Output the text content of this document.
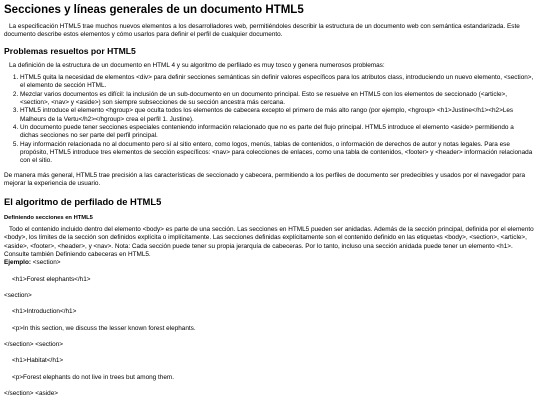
Secciones y líneas generales de un documento HTML5

La especificación HTML5 trae muchos nuevos elementos a los desarrolladores web, permitiéndoles describir la estructura de un documento web con semántica estandarizada. Este documento describe estos elementos y cómo usarlos para definir el perfil de cualquier documento.

Problemas resueltos por HTML5

La definición de la estructura de un documento en HTML 4 y su algoritmo de perfilado es muy tosco y genera numerosos problemas:

1. HTML5 quita la necesidad de elementos <div> para definir secciones semánticas sin definir valores específicos para los atributos class, introduciendo un nuevo elemento, <section>, el elemento de sección HTML.
2. Mezclar varios documentos es difícil: la inclusión de un sub-documento en un documento principal. Esto se resuelve en HTML5 con los elementos de seccionado (<article>, <section>, <nav> y <aside>) son siempre subsecciones de su sección ancestra más cercana.
3. HTML5 introduce el elemento <hgroup> que oculta todos los elementos de cabecera excepto el primero de más alto rango (por ejemplo, <hgroup> <h1>Justine</h1><h2>Les Malheurs de la Vertu</h2></hgroup> crea el perfil 1. Justine).
4. Un documento puede tener secciones especiales conteniendo información relacionado que no es parte del flujo principal. HTML5 introduce el elemento <aside> permitiendo a dichas secciones no ser parte del perfil principal.
5. Hay información relacionada no al documento pero sí al sitio entero, como logos, menús, tablas de contenidos, o información de derechos de autor y notas legales. Para ese propósito, HTML5 introduce tres elementos de sección específicos: <nav> para colecciones de enlaces, como una tabla de contenidos, <footer> y <header> información relacionada con el sitio.

De manera más general, HTML5 trae precisión a las características de seccionado y cabecera, permitiendo a los perfiles de documento ser predecibles y usados por el navegador para mejorar la experiencia de usuario.

El algoritmo de perfilado de HTML5
Definiendo secciones en HTML5

Todo el contenido incluido dentro del elemento <body> es parte de una sección. Las secciones en HTML5 pueden ser anidadas. Además de la sección principal, definida por el elemento <body>, los límites de la sección son definidos explícita o implícitamente. Las secciones definidas explícitamente son el contenido definido en las etiquetas <body>, <section>, <article>, <aside>, <footer>, <header>, y <nav>. Nota: Cada sección puede tener su propia jerarquía de cabeceras. Por lo tanto, incluso una sección anidada puede tener un elemento <h1>. Consulte también Definiendo cabeceras en HTML5.

Ejemplo: <section>

<h1>Forest elephants</h1>

<section>

<h1>Introduction</h1>

<p>In this section, we discuss the lesser known forest elephants.

</section> <section>

<h1>Habitat</h1>

<p>Forest elephants do not live in trees but among them.

</section> <aside>
